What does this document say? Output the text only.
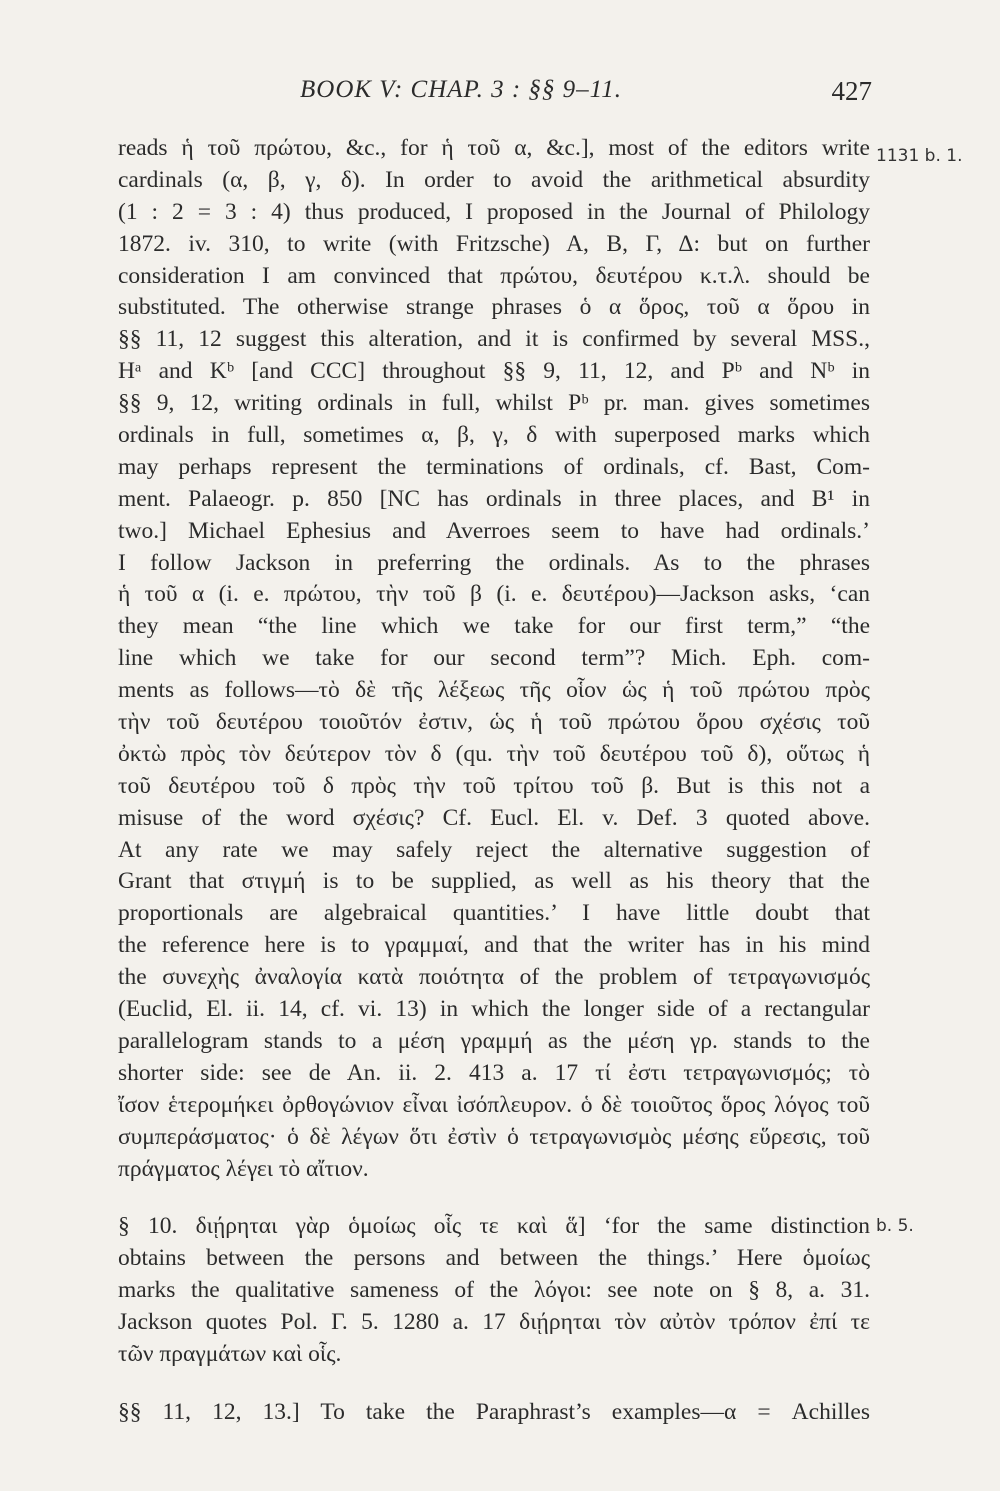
BOOK V: CHAP. 3 : §§ 9–11.	427
1131 b. 1.
b. 5.
reads ἡ τοῦ πρώτου, &c., for ἡ τοῦ α, &c.], most of the editors write
cardinals (α, β, γ, δ). In order to avoid the arithmetical absurdity
(1 : 2 = 3 : 4) thus produced, I proposed in the Journal of Philology
1872. iv. 310, to write (with Fritzsche) A, B, Γ, Δ: but on further
consideration I am convinced that πρώτου, δευτέρου κ.τ.λ. should be
substituted. The otherwise strange phrases ὁ α ὅρος, τοῦ α ὅρου in
§§ 11, 12 suggest this alteration, and it is confirmed by several MSS.,
Hᵃ and Kᵇ [and CCC] throughout §§ 9, 11, 12, and Pᵇ and Nᵇ in
§§ 9, 12, writing ordinals in full, whilst Pᵇ pr. man. gives sometimes
ordinals in full, sometimes α, β, γ, δ with superposed marks which
may perhaps represent the terminations of ordinals, cf. Bast, Com-
ment. Palaeogr. p. 850 [NC has ordinals in three places, and B¹ in
two.] Michael Ephesius and Averroes seem to have had ordinals.’
I follow Jackson in preferring the ordinals. As to the phrases
ἡ τοῦ α (i. e. πρώτου, τὴν τοῦ β (i. e. δευτέρου)—Jackson asks, ‘can
they mean “the line which we take for our first term,” “the
line which we take for our second term”? Mich. Eph. com-
ments as follows—τὸ δὲ τῆς λέξεως τῆς οἷον ὡς ἡ τοῦ πρώτου πρὸς
τὴν τοῦ δευτέρου τοιοῦτόν ἐστιν, ὡς ἡ τοῦ πρώτου ὅρου σχέσις τοῦ
ὀκτὼ πρὸς τὸν δεύτερον τὸν δ (qu. τὴν τοῦ δευτέρου τοῦ δ), οὕτως ἡ
τοῦ δευτέρου τοῦ δ πρὸς τὴν τοῦ τρίτου τοῦ β. But is this not a
misuse of the word σχέσις? Cf. Eucl. El. v. Def. 3 quoted above.
At any rate we may safely reject the alternative suggestion of
Grant that στιγμή is to be supplied, as well as his theory that the
proportionals are algebraical quantities.’ I have little doubt that
the reference here is to γραμμαί, and that the writer has in his mind
the συνεχὴς ἀναλογία κατὰ ποιότητα of the problem of τετραγωνισμός
(Euclid, El. ii. 14, cf. vi. 13) in which the longer side of a rectangular
parallelogram stands to a μέση γραμμή as the μέση γρ. stands to the
shorter side: see de An. ii. 2. 413 a. 17 τί ἐστι τετραγωνισμός; τὸ
ἴσον ἑτερομήκει ὀρθογώνιον εἶναι ἰσόπλευρον. ὁ δὲ τοιοῦτος ὅρος λόγος τοῦ
συμπεράσματος· ὁ δὲ λέγων ὅτι ἐστὶν ὁ τετραγωνισμὸς μέσης εὕρεσις, τοῦ
πράγματος λέγει τὸ αἴτιον.
§ 10. διῄρηται γὰρ ὁμοίως οἷς τε καὶ ἅ] ‘for the same distinction
obtains between the persons and between the things.’ Here ὁμοίως
marks the qualitative sameness of the λόγοι: see note on § 8, a. 31.
Jackson quotes Pol. Γ. 5. 1280 a. 17 διῄρηται τὸν αὐτὸν τρόπον ἐπί τε
τῶν πραγμάτων καὶ οἷς.
§§ 11, 12, 13.] To take the Paraphrast’s examples—α = Achilles
